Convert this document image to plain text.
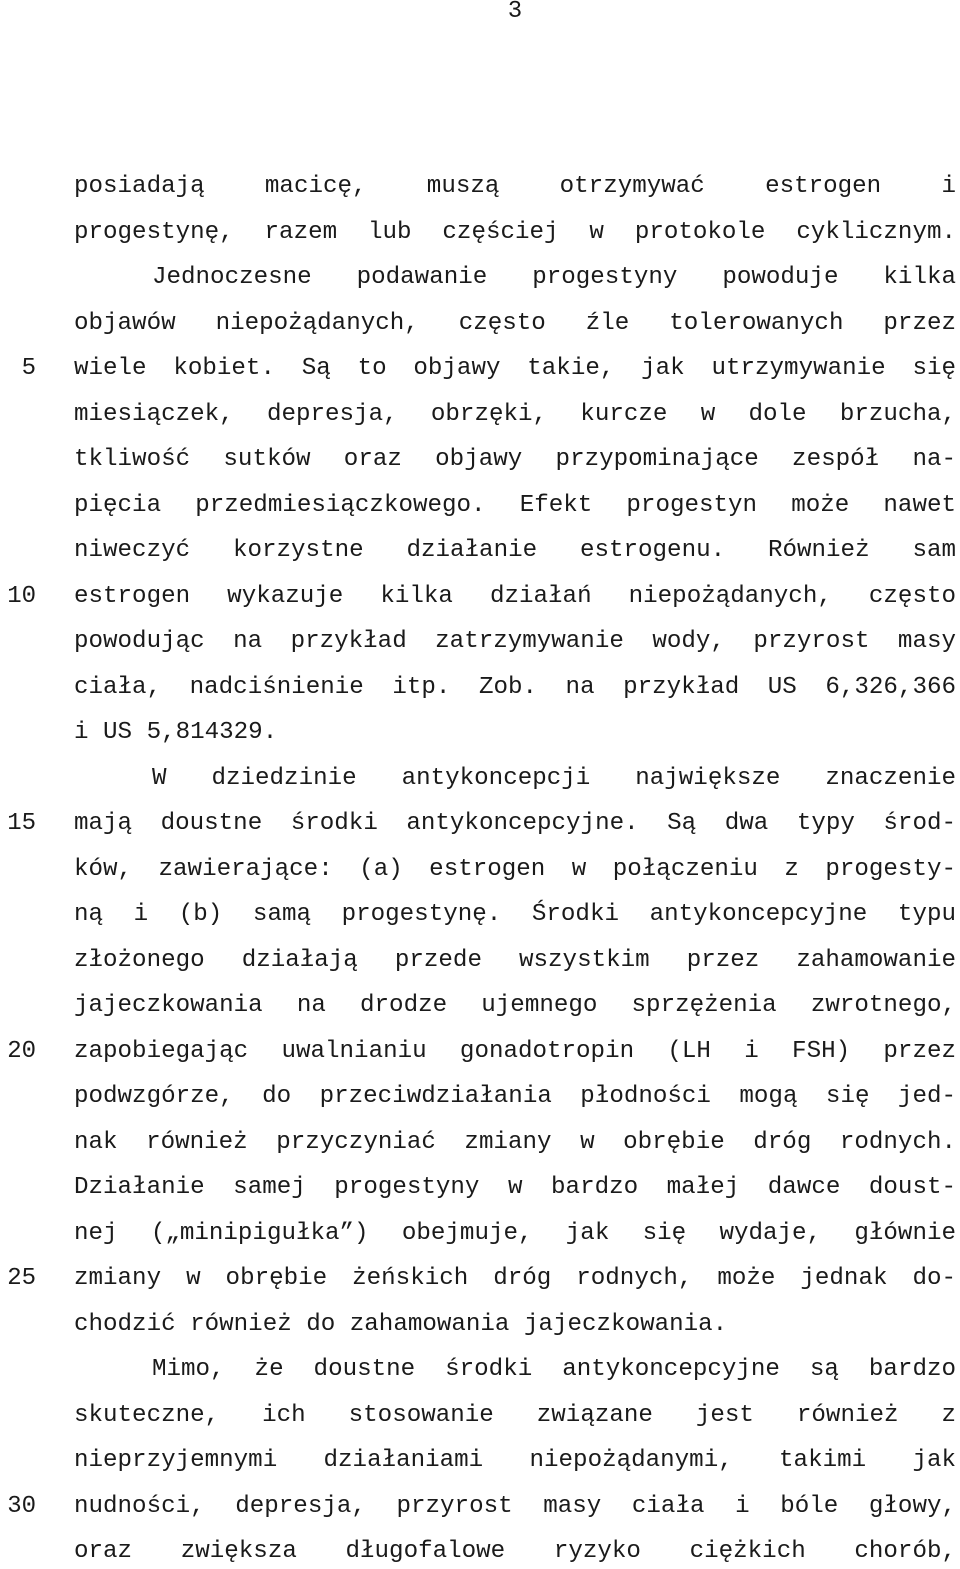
3
5
10
15
20
25
30
posiadają macicę, muszą otrzymywać estrogen i
progestynę, razem lub częściej w protokole cyklicznym.
Jednoczesne podawanie progestyny powoduje kilka
objawów niepożądanych, często źle tolerowanych przez
wiele kobiet. Są to objawy takie, jak utrzymywanie się
miesiączek, depresja, obrzęki, kurcze w dole brzucha,
tkliwość sutków oraz objawy przypominające zespół na-
pięcia przedmiesiączkowego. Efekt progestyn może nawet
niweczyć korzystne działanie estrogenu. Również sam
estrogen wykazuje kilka działań niepożądanych, często
powodując na przykład zatrzymywanie wody, przyrost masy
ciała, nadciśnienie itp. Zob. na przykład US 6,326,366
i US 5,814329.
W dziedzinie antykoncepcji największe znaczenie
mają doustne środki antykoncepcyjne. Są dwa typy środ-
ków, zawierające: (a) estrogen w połączeniu z progesty-
ną i (b) samą progestynę. Środki antykoncepcyjne typu
złożonego działają przede wszystkim przez zahamowanie
jajeczkowania na drodze ujemnego sprzężenia zwrotnego,
zapobiegając uwalnianiu gonadotropin (LH i FSH) przez
podwzgórze, do przeciwdziałania płodności mogą się jed-
nak również przyczyniać zmiany w obrębie dróg rodnych.
Działanie samej progestyny w bardzo małej dawce doust-
nej („minipigułka”) obejmuje, jak się wydaje, głównie
zmiany w obrębie żeńskich dróg rodnych, może jednak do-
chodzić również do zahamowania jajeczkowania.
Mimo, że doustne środki antykoncepcyjne są bardzo
skuteczne, ich stosowanie związane jest również z
nieprzyjemnymi działaniami niepożądanymi, takimi jak
nudności, depresja, przyrost masy ciała i bóle głowy,
oraz zwiększa długofalowe ryzyko ciężkich chorób,
